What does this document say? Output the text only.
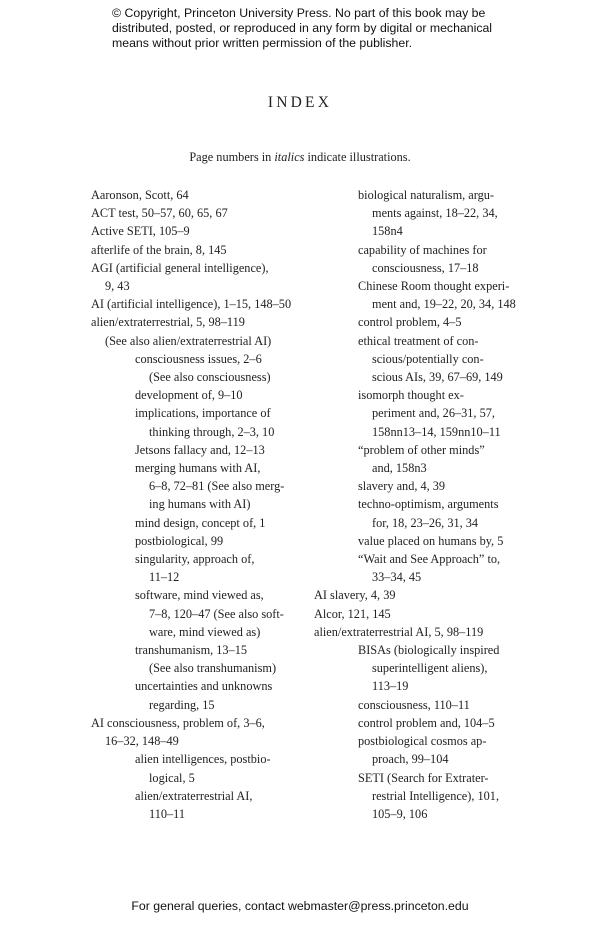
© Copyright, Princeton University Press. No part of this book may be distributed, posted, or reproduced in any form by digital or mechanical means without prior written permission of the publisher.
INDEX
Page numbers in italics indicate illustrations.
Aaronson, Scott, 64
ACT test, 50–57, 60, 65, 67
Active SETI, 105–9
afterlife of the brain, 8, 145
AGI (artificial general intelligence),
9, 43
AI (artificial intelligence), 1–15, 148–50
alien/extraterrestrial, 5, 98–119
(See also alien/extraterrestrial AI)
consciousness issues, 2–6
(See also consciousness)
development of, 9–10
implications, importance of
thinking through, 2–3, 10
Jetsons fallacy and, 12–13
merging humans with AI,
6–8, 72–81 (See also merg-
ing humans with AI)
mind design, concept of, 1
postbiological, 99
singularity, approach of,
11–12
software, mind viewed as,
7–8, 120–47 (See also soft-
ware, mind viewed as)
transhumanism, 13–15
(See also transhumanism)
uncertainties and unknowns
regarding, 15
AI consciousness, problem of, 3–6,
16–32, 148–49
alien intelligences, postbio-
logical, 5
alien/extraterrestrial AI,
110–11
biological naturalism, argu-
ments against, 18–22, 34,
158n4
capability of machines for
consciousness, 17–18
Chinese Room thought experi-
ment and, 19–22, 20, 34, 148
control problem, 4–5
ethical treatment of con-
scious/potentially con-
scious AIs, 39, 67–69, 149
isomorph thought ex-
periment and, 26–31, 57,
158nn13–14, 159nn10–11
“problem of other minds”
and, 158n3
slavery and, 4, 39
techno-optimism, arguments
for, 18, 23–26, 31, 34
value placed on humans by, 5
“Wait and See Approach” to,
33–34, 45
AI slavery, 4, 39
Alcor, 121, 145
alien/extraterrestrial AI, 5, 98–119
BISAs (biologically inspired
superintelligent aliens),
113–19
consciousness, 110–11
control problem and, 104–5
postbiological cosmos ap-
proach, 99–104
SETI (Search for Extrater-
restrial Intelligence), 101,
105–9, 106
For general queries, contact webmaster@press.princeton.edu
